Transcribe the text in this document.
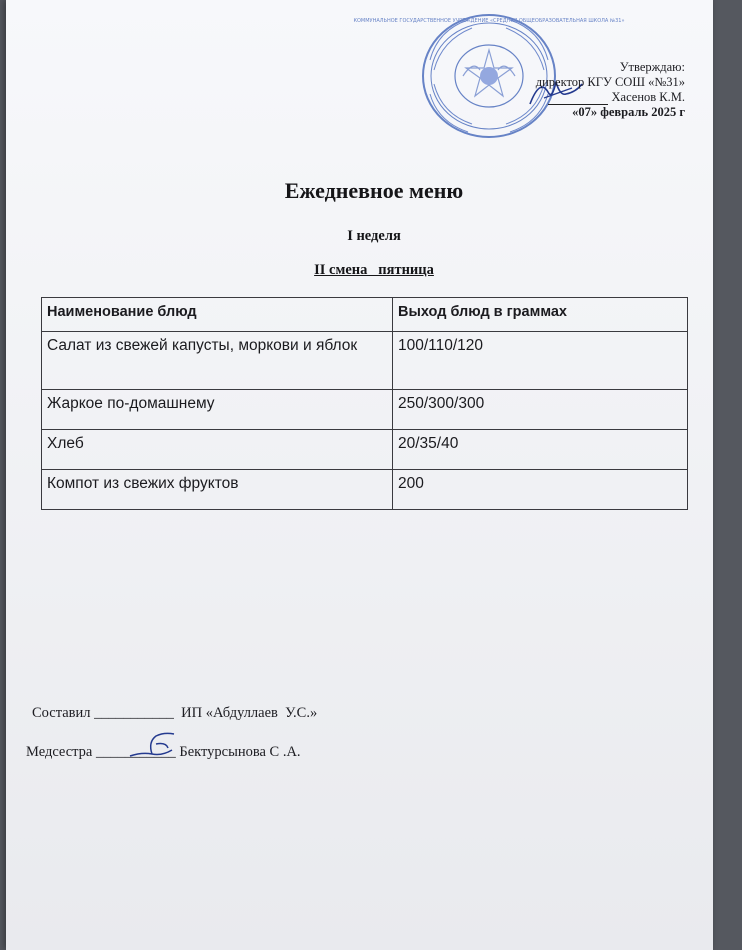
КОММУНАЛЬНОЕ ГОСУДАРСТВЕННОЕ УЧРЕЖДЕНИЕ «СРЕДНЯЯ ОБЩЕОБРАЗОВАТЕЛЬНАЯ ШКОЛА №31»
Утверждаю:
директор КГУ СОШ «№31»
Хасенов К.М.
«07» февраль 2025 г
Ежедневное меню
I неделя
II смена   пятница
Наименование блюд	Выход блюд в граммах
Салат из свежей капусты, моркови и яблок	100/110/120
Жаркое по-домашнему	250/300/300
Хлеб	20/35/40
Компот из свежих фруктов	200
Составил ___________ ИП «Абдуллаев  У.С.»
Медсестра ___________ Бектурсынова С .А.
